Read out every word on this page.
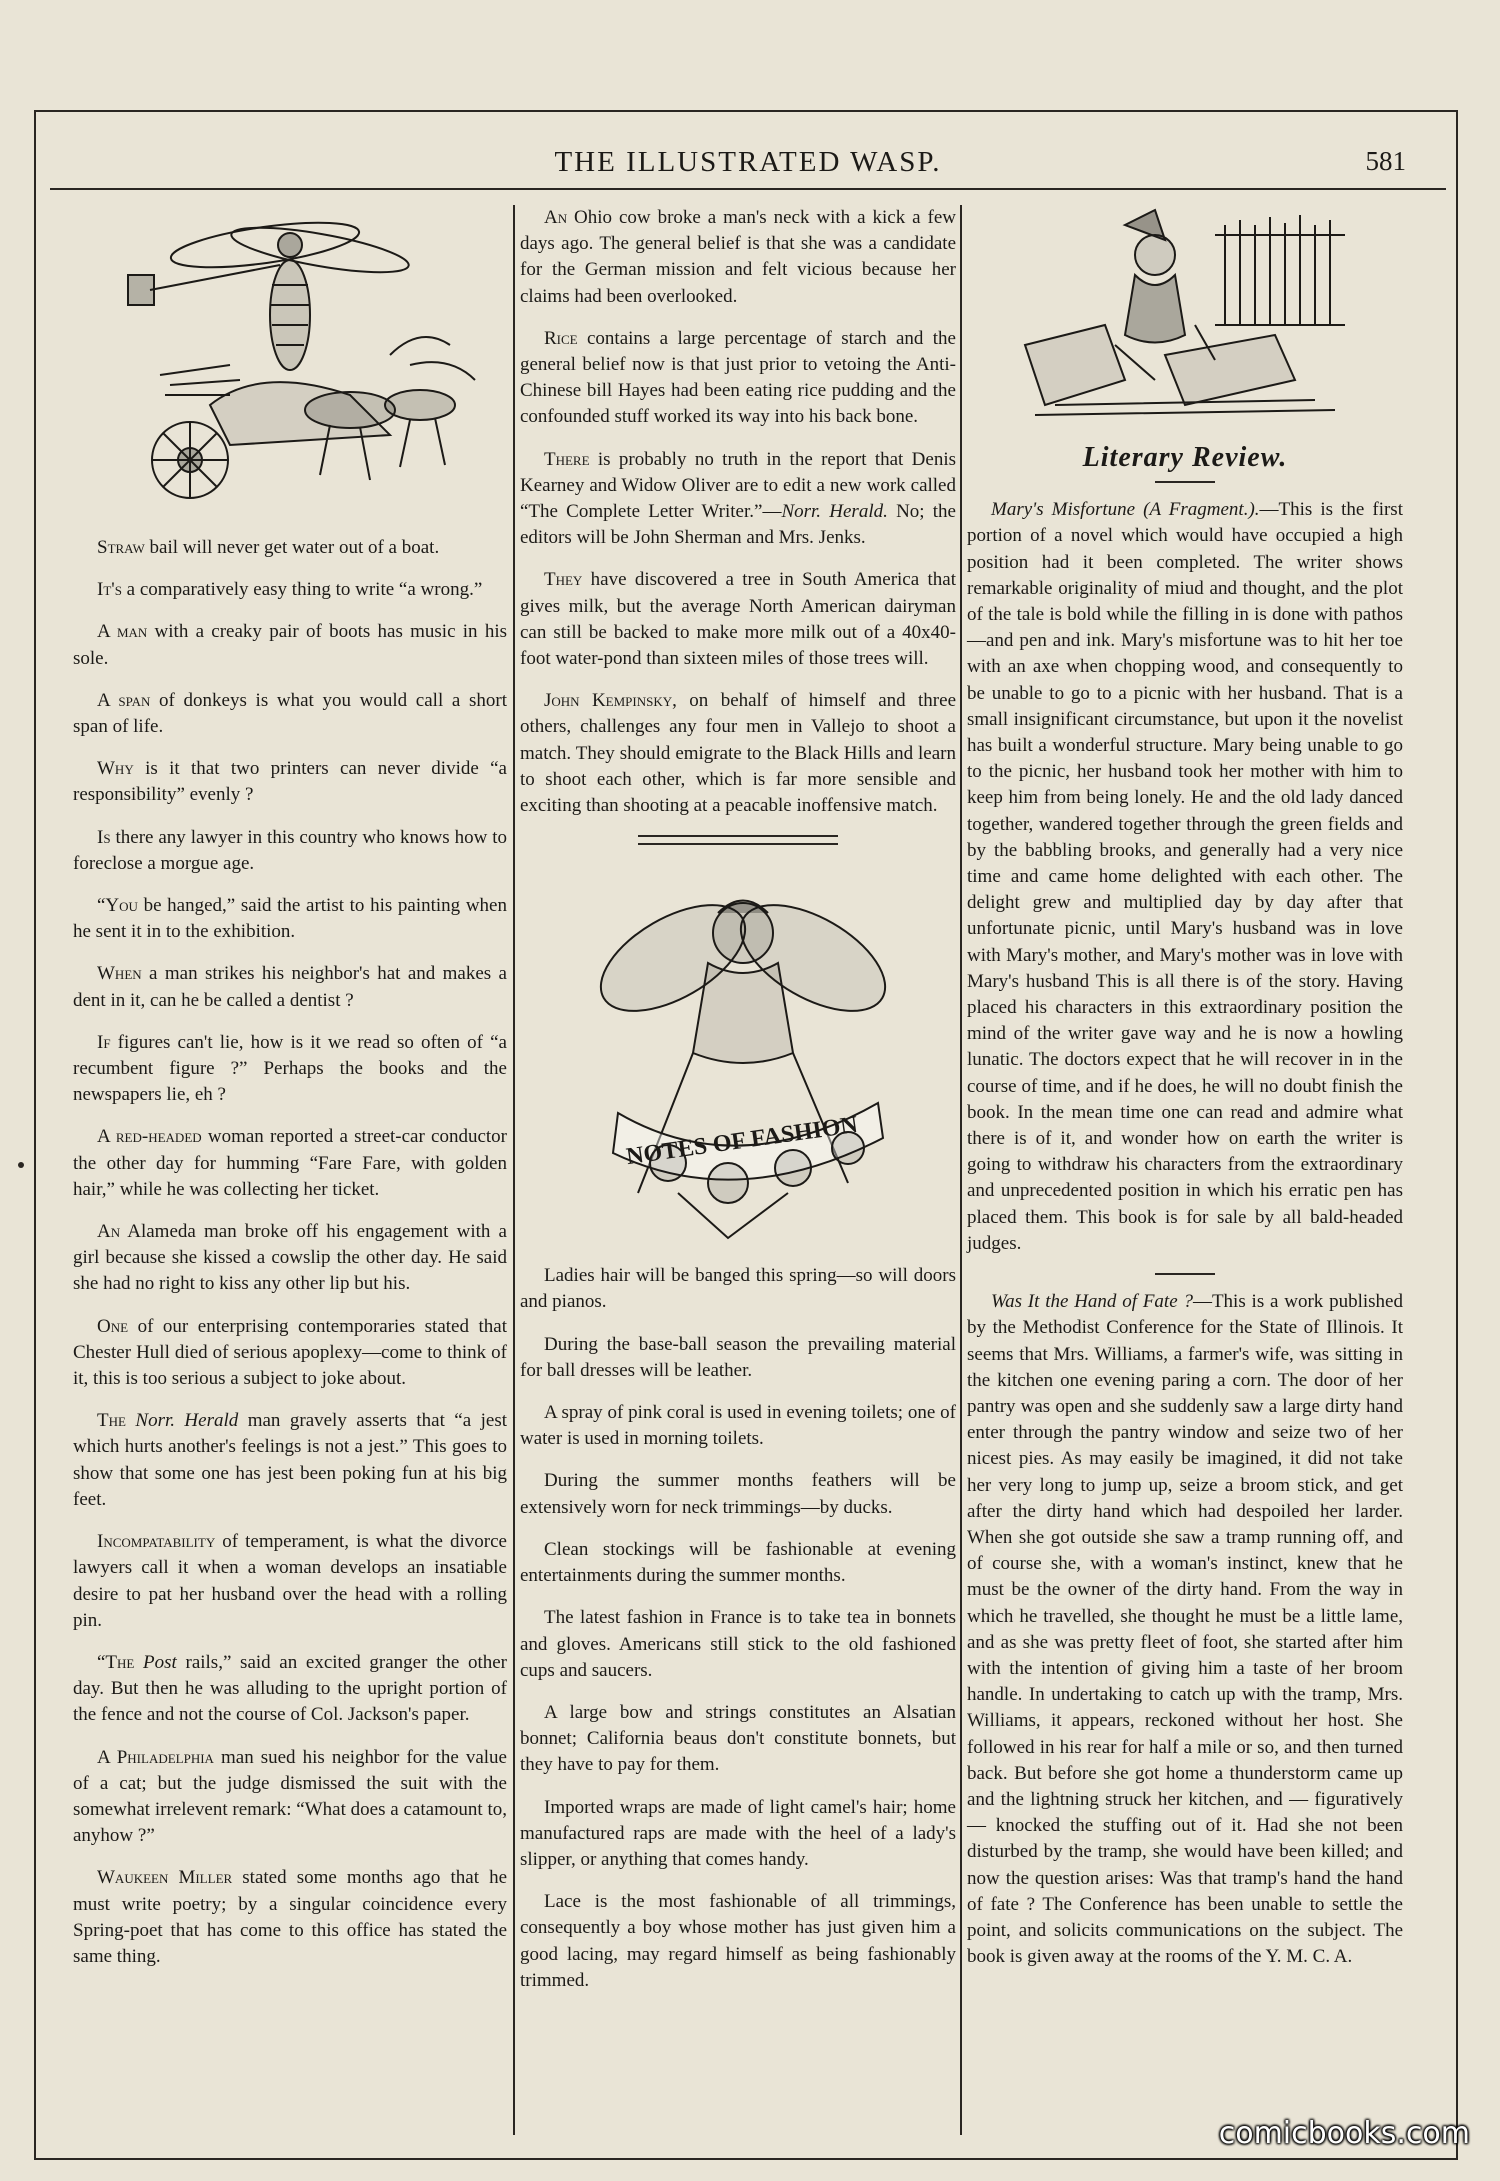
THE ILLUSTRATED WASP.	581

Straw bail will never get water out of a boat.

It's a comparatively easy thing to write “a wrong.”

A man with a creaky pair of boots has music in his sole.

A span of donkeys is what you would call a short span of life.

Why is it that two printers can never divide “a responsibility” evenly ?

Is there any lawyer in this country who knows how to foreclose a morgue age.

“You be hanged,” said the artist to his painting when he sent it in to the exhibition.

When a man strikes his neighbor's hat and makes a dent in it, can he be called a dentist ?

If figures can't lie, how is it we read so often of “a recumbent figure ?” Perhaps the books and the newspapers lie, eh ?

A red-headed woman reported a street-car conductor the other day for humming “Fare Fare, with golden hair,” while he was collecting her ticket.

An Alameda man broke off his engagement with a girl because she kissed a cowslip the other day. He said she had no right to kiss any other lip but his.

One of our enterprising contemporaries stated that Chester Hull died of serious apoplexy—come to think of it, this is too serious a subject to joke about.

The Norr. Herald man gravely asserts that “a jest which hurts another's feelings is not a jest.” This goes to show that some one has jest been poking fun at his big feet.

Incompatability of temperament, is what the divorce lawyers call it when a woman develops an insatiable desire to pat her husband over the head with a rolling pin.

“The Post rails,” said an excited granger the other day. But then he was alluding to the upright portion of the fence and not the course of Col. Jackson's paper.

A Philadelphia man sued his neighbor for the value of a cat; but the judge dismissed the suit with the somewhat irrelevent remark: “What does a catamount to, anyhow ?”

Waukeen Miller stated some months ago that he must write poetry; by a singular coincidence every Spring-poet that has come to this office has stated the same thing.

An Ohio cow broke a man's neck with a kick a few days ago. The general belief is that she was a candidate for the German mission and felt vicious because her claims had been overlooked.

Rice contains a large percentage of starch and the general belief now is that just prior to vetoing the Anti-Chinese bill Hayes had been eating rice pudding and the confounded stuff worked its way into his back bone.

There is probably no truth in the report that Denis Kearney and Widow Oliver are to edit a new work called “The Complete Letter Writer.”—Norr. Herald. No; the editors will be John Sherman and Mrs. Jenks.

They have discovered a tree in South America that gives milk, but the average North American dairyman can still be backed to make more milk out of a 40x40-foot water-pond than sixteen miles of those trees will.

John Kempinsky, on behalf of himself and three others, challenges any four men in Vallejo to shoot a match. They should emigrate to the Black Hills and learn to shoot each other, which is far more sensible and exciting than shooting at a peacable inoffensive match.

NOTES OF FASHION

Ladies hair will be banged this spring—so will doors and pianos.

During the base-ball season the prevailing material for ball dresses will be leather.

A spray of pink coral is used in evening toilets; one of water is used in morning toilets.

During the summer months feathers will be extensively worn for neck trimmings—by ducks.

Clean stockings will be fashionable at evening entertainments during the summer months.

The latest fashion in France is to take tea in bonnets and gloves. Americans still stick to the old fashioned cups and saucers.

A large bow and strings constitutes an Alsatian bonnet; California beaus don't constitute bonnets, but they have to pay for them.

Imported wraps are made of light camel's hair; home manufactured raps are made with the heel of a lady's slipper, or anything that comes handy.

Lace is the most fashionable of all trimmings, consequently a boy whose mother has just given him a good lacing, may regard himself as being fashionably trimmed.

Literary Review.

Mary's Misfortune (A Fragment.).—This is the first portion of a novel which would have occupied a high position had it been completed. The writer shows remarkable originality of miud and thought, and the plot of the tale is bold while the filling in is done with pathos—and pen and ink. Mary's misfortune was to hit her toe with an axe when chopping wood, and consequently to be unable to go to a picnic with her husband. That is a small insignificant circumstance, but upon it the novelist has built a wonderful structure. Mary being unable to go to the picnic, her husband took her mother with him to keep him from being lonely. He and the old lady danced together, wandered together through the green fields and by the babbling brooks, and generally had a very nice time and came home delighted with each other. The delight grew and multiplied day by day after that unfortunate picnic, until Mary's husband was in love with Mary's mother, and Mary's mother was in love with Mary's husband This is all there is of the story. Having placed his characters in this extraordinary position the mind of the writer gave way and he is now a howling lunatic. The doctors expect that he will recover in in the course of time, and if he does, he will no doubt finish the book. In the mean time one can read and admire what there is of it, and wonder how on earth the writer is going to withdraw his characters from the extraordinary and unprecedented position in which his erratic pen has placed them. This book is for sale by all bald-headed judges.

Was It the Hand of Fate ?—This is a work published by the Methodist Conference for the State of Illinois. It seems that Mrs. Williams, a farmer's wife, was sitting in the kitchen one evening paring a corn. The door of her pantry was open and she suddenly saw a large dirty hand enter through the pantry window and seize two of her nicest pies. As may easily be imagined, it did not take her very long to jump up, seize a broom stick, and get after the dirty hand which had despoiled her larder. When she got outside she saw a tramp running off, and of course she, with a woman's instinct, knew that he must be the owner of the dirty hand. From the way in which he travelled, she thought he must be a little lame, and as she was pretty fleet of foot, she started after him with the intention of giving him a taste of her broom handle. In undertaking to catch up with the tramp, Mrs. Williams, it appears, reckoned without her host. She followed in his rear for half a mile or so, and then turned back. But before she got home a thunderstorm came up and the lightning struck her kitchen, and — figuratively — knocked the stuffing out of it. Had she not been disturbed by the tramp, she would have been killed; and now the question arises: Was that tramp's hand the hand of fate ? The Conference has been unable to settle the point, and solicits communications on the subject. The book is given away at the rooms of the Y. M. C. A.

comicbooks.com
